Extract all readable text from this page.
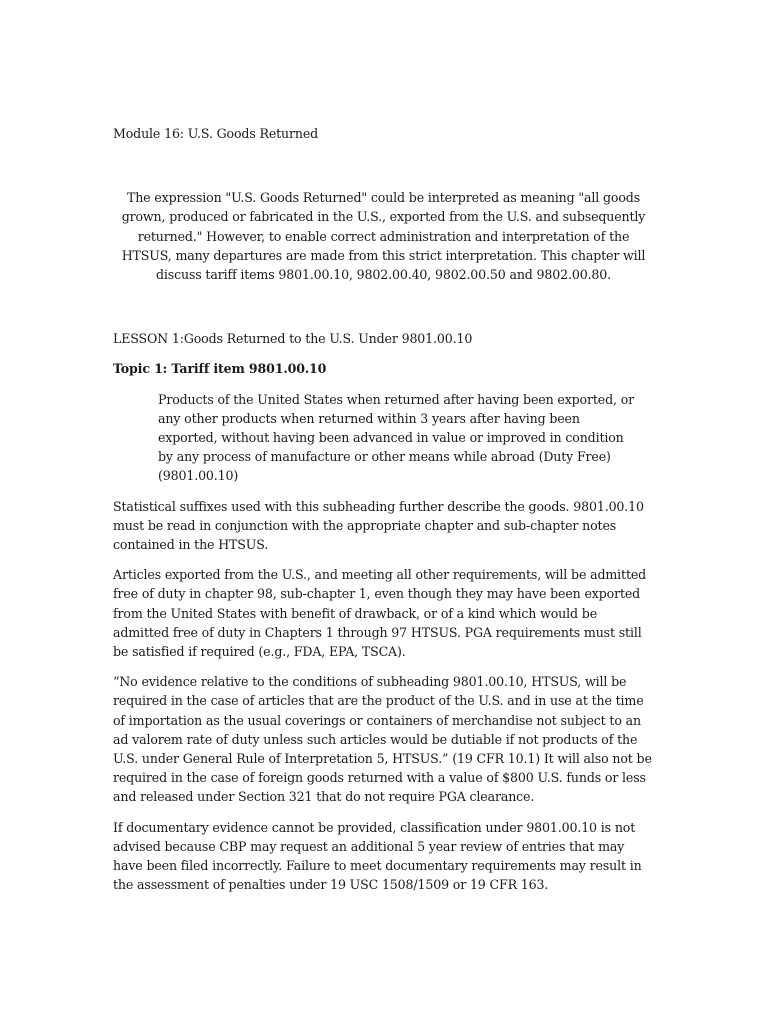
Module 16: U.S. Goods Returned

The expression "U.S. Goods Returned" could be interpreted as meaning "all goods grown, produced or fabricated in the U.S., exported from the U.S. and subsequently returned." However, to enable correct administration and interpretation of the HTSUS, many departures are made from this strict interpretation. This chapter will discuss tariff items 9801.00.10, 9802.00.40, 9802.00.50 and 9802.00.80.

LESSON 1:Goods Returned to the U.S. Under 9801.00.10

Topic 1: Tariff item 9801.00.10

Products of the United States when returned after having been exported, or any other products when returned within 3 years after having been exported, without having been advanced in value or improved in condition by any process of manufacture or other means while abroad (Duty Free) (9801.00.10)

Statistical suffixes used with this subheading further describe the goods. 9801.00.10 must be read in conjunction with the appropriate chapter and sub-chapter notes contained in the HTSUS.

Articles exported from the U.S., and meeting all other requirements, will be admitted free of duty in chapter 98, sub-chapter 1, even though they may have been exported from the United States with benefit of drawback, or of a kind which would be admitted free of duty in Chapters 1 through 97 HTSUS. PGA requirements must still be satisfied if required (e.g., FDA, EPA, TSCA).

“No evidence relative to the conditions of subheading 9801.00.10, HTSUS, will be required in the case of articles that are the product of the U.S. and in use at the time of importation as the usual coverings or containers of merchandise not subject to an ad valorem rate of duty unless such articles would be dutiable if not products of the U.S. under General Rule of Interpretation 5, HTSUS.” (19 CFR 10.1) It will also not be required in the case of foreign goods returned with a value of $800 U.S. funds or less and released under Section 321 that do not require PGA clearance.

If documentary evidence cannot be provided, classification under 9801.00.10 is not advised because CBP may request an additional 5 year review of entries that may have been filed incorrectly. Failure to meet documentary requirements may result in the assessment of penalties under 19 USC 1508/1509 or 19 CFR 163.
